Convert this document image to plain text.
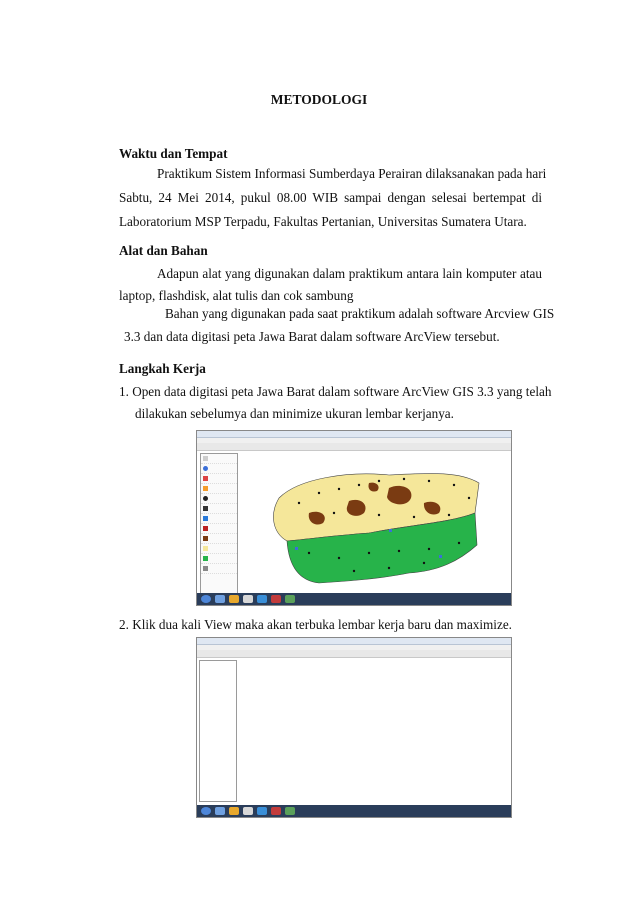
METODOLOGI
Waktu dan Tempat
Praktikum Sistem Informasi Sumberdaya Perairan dilaksanakan pada hari
Sabtu, 24 Mei 2014, pukul 08.00 WIB sampai dengan selesai bertempat di
Laboratorium MSP Terpadu, Fakultas Pertanian, Universitas Sumatera Utara.
Alat dan Bahan
Adapun alat yang digunakan dalam praktikum antara lain komputer atau
laptop, flashdisk, alat tulis dan cok sambung
Bahan yang digunakan pada saat praktikum adalah software Arcview GIS
3.3 dan data digitasi peta Jawa Barat dalam software ArcView tersebut.
Langkah Kerja
1. Open data digitasi peta Jawa Barat dalam software ArcView GIS 3.3 yang telah
dilakukan sebelumya dan minimize ukuran lembar kerjanya.
2. Klik dua kali View maka akan terbuka lembar kerja baru dan maximize.
